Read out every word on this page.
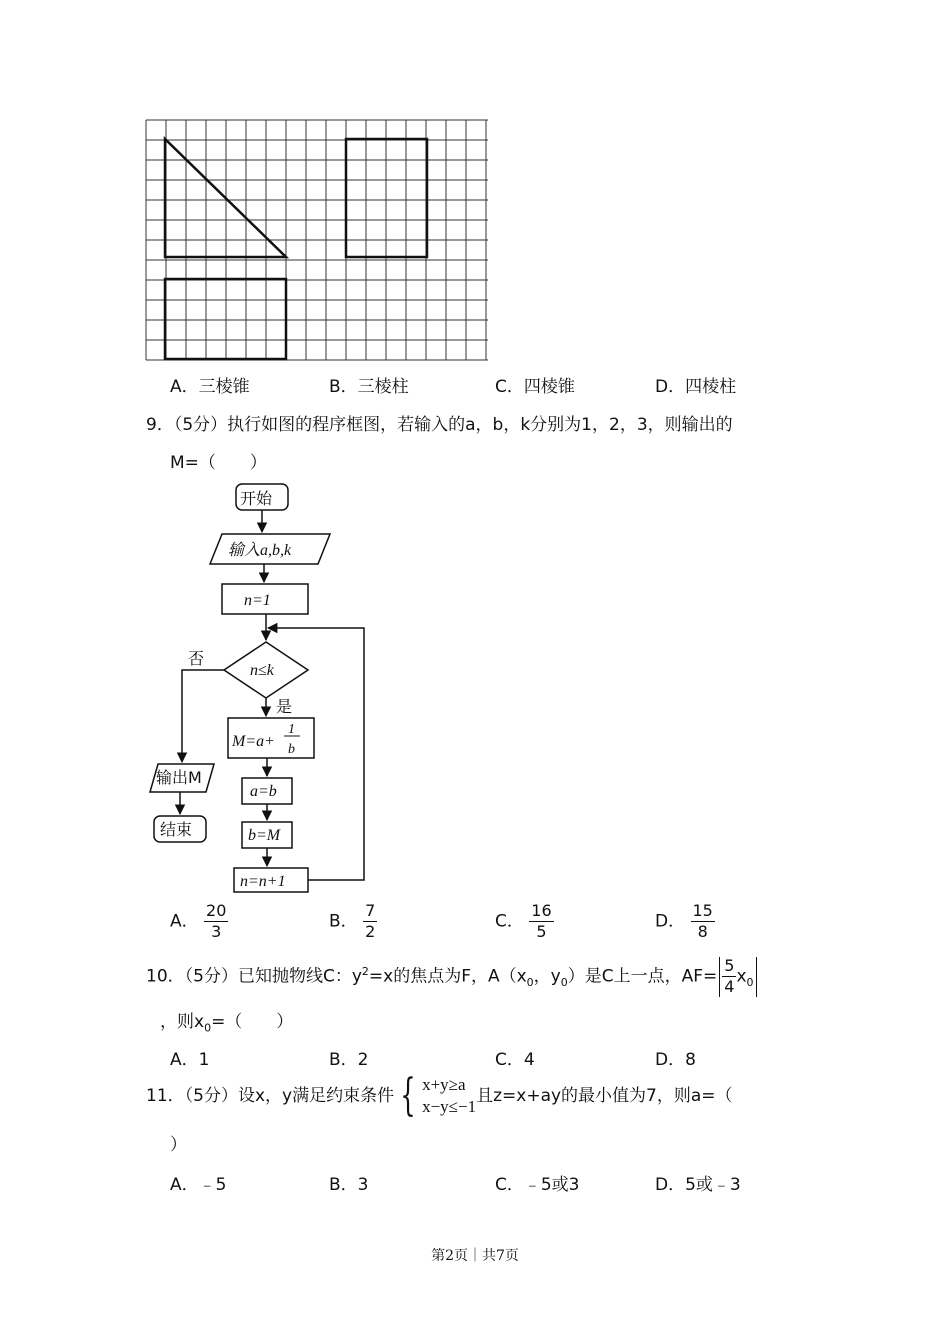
A．三棱锥	B．三棱柱	C．四棱锥	D．四棱柱
9．（5分）执行如图的程序框图，若输入的a，b，k分别为1，2，3，则输出的
M=（　　）
开始
输入a,b,k
n=1
n≤k
否
是
M=a+
1
b
a=b
b=M
n=n+1
输出M
结束
A． $\frac{20}{3}$	B． $\frac{7}{2}$	C． $\frac{16}{5}$	D． $\frac{15}{8}$
10．（5分）已知抛物线C：$y^2=x$的焦点为F，$A(x_0$，$y_0$）是C上一点，$AF= \frac{5}{4} x_0$
，则$x_0=$（　　）
A．1	B．2	C．4	D．8
11．（5分）设x，y满足约束条件 { x+y≥a
x−y≤−1
且z=x+ay的最小值为7，则a=（
）
A．﹣5	B．3	C．﹣5或3	D．5或﹣3
第2页｜共7页
